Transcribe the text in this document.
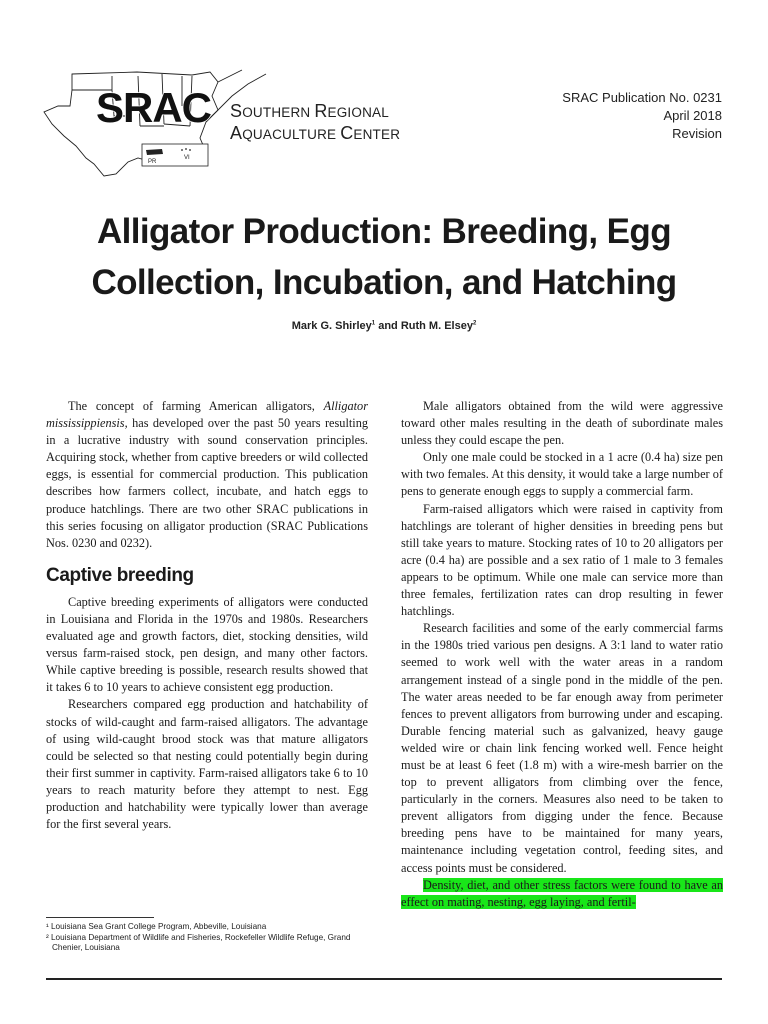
PR
VI
SRAC SOUTHERN REGIONAL
AQUACULTURE CENTER
SRAC Publication No. 0231
April 2018
Revision
Alligator Production: Breeding, Egg
Collection, Incubation, and Hatching
Mark G. Shirley$^1$ and Ruth M. Elsey$^2$

The concept of farming American alligators, Alligator mississippiensis, has developed over the past 50 years resulting in a lucrative industry with sound conservation principles. Acquiring stock, whether from captive breeders or wild collected eggs, is essential for commercial production. This publication describes how farmers collect, incubate, and hatch eggs to produce hatchlings. There are two other SRAC publications in this series focusing on alligator production (SRAC Publications Nos. 0230 and 0232).

Captive breeding

Captive breeding experiments of alligators were conducted in Louisiana and Florida in the 1970s and 1980s. Researchers evaluated age and growth factors, diet, stocking densities, wild versus farm-raised stock, pen design, and many other factors. While captive breeding is possible, research results showed that it takes 6 to 10 years to achieve consistent egg production.

Researchers compared egg production and hatchability of stocks of wild-caught and farm-raised alligators. The advantage of using wild-caught brood stock was that mature alligators could be selected so that nesting could potentially begin during their first summer in captivity. Farm-raised alligators take 6 to 10 years to reach maturity before they attempt to nest. Egg production and hatchability were typically lower than average for the first several years.

Male alligators obtained from the wild were aggressive toward other males resulting in the death of subordinate males unless they could escape the pen.

Only one male could be stocked in a 1 acre (0.4 ha) size pen with two females. At this density, it would take a large number of pens to generate enough eggs to supply a commercial farm.

Farm-raised alligators which were raised in captivity from hatchlings are tolerant of higher densities in breeding pens but still take years to mature. Stocking rates of 10 to 20 alligators per acre (0.4 ha) are possible and a sex ratio of 1 male to 3 females appears to be optimum. While one male can service more than three females, fertilization rates can drop resulting in fewer hatchlings.

Research facilities and some of the early commercial farms in the 1980s tried various pen designs. A 3:1 land to water ratio seemed to work well with the water areas in a random arrangement instead of a single pond in the middle of the pen. The water areas needed to be far enough away from perimeter fences to prevent alligators from burrowing under and escaping. Durable fencing material such as galvanized, heavy gauge welded wire or chain link fencing worked well. Fence height must be at least 6 feet (1.8 m) with a wire-mesh barrier on the top to prevent alligators from climbing over the fence, particularly in the corners. Measures also need to be taken to prevent alligators from digging under the fence. Because breeding pens have to be maintained for many years, maintenance including vegetation control, feeding sites, and access points must be considered.

Density, diet, and other stress factors were found to have an effect on mating, nesting, egg laying, and fertil-

¹ Louisiana Sea Grant College Program, Abbeville, Louisiana
² Louisiana Department of Wildlife and Fisheries, Rockefeller Wildlife Refuge, Grand Chenier, Louisiana
